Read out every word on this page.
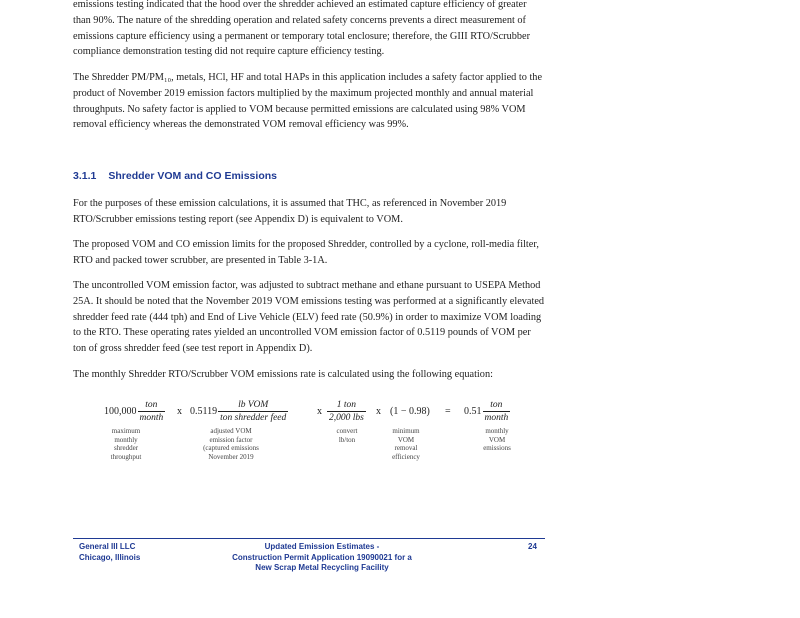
emissions testing indicated that the hood over the shredder achieved an estimated capture efficiency of greater than 90%. The nature of the shredding operation and related safety concerns prevents a direct measurement of emissions capture efficiency using a permanent or temporary total enclosure; therefore, the GIII RTO/Scrubber compliance demonstration testing did not require capture efficiency testing.

The Shredder PM/PM₁₀, metals, HCl, HF and total HAPs in this application includes a safety factor applied to the product of November 2019 emission factors multiplied by the maximum projected monthly and annual material throughputs. No safety factor is applied to VOM because permitted emissions are calculated using 98% VOM removal efficiency whereas the demonstrated VOM removal efficiency was 99%.

3.1.1 Shredder VOM and CO Emissions

For the purposes of these emission calculations, it is assumed that THC, as referenced in November 2019 RTO/Scrubber emissions testing report (see Appendix D) is equivalent to VOM.

The proposed VOM and CO emission limits for the proposed Shredder, controlled by a cyclone, roll-media filter, RTO and packed tower scrubber, are presented in Table 3-1A.

The uncontrolled VOM emission factor, was adjusted to subtract methane and ethane pursuant to USEPA Method 25A. It should be noted that the November 2019 VOM emissions testing was performed at a significantly elevated shredder feed rate (444 tph) and End of Live Vehicle (ELV) feed rate (50.9%) in order to maximize VOM loading to the RTO. These operating rates yielded an uncontrolled VOM emission factor of 0.5119 pounds of VOM per ton of gross shredder feed (see test report in Appendix D).

The monthly Shredder RTO/Scrubber VOM emissions rate is calculated using the following equation:

$100,000 \frac{\text{ton}}{\text{month}}$ x $0.5119 \frac{\text{lb VOM}}{\text{ton shredder feed}}$	x $\frac{\text{1 ton}}{\text{2,000 lbs}}$ x $(1 - 0.98) = 0.51 \frac{\text{ton}}{\text{month}}$
maximum
monthly
shredder
throughput
adjusted VOM
emission factor
(captured emissions
November 2019
convert
lb/ton
minimum
VOM
removal
efficiency
monthly
VOM
emissions
General III LLC
Chicago, Illinois
Updated Emission Estimates -
Construction Permit Application 19090021 for a
New Scrap Metal Recycling Facility
24
